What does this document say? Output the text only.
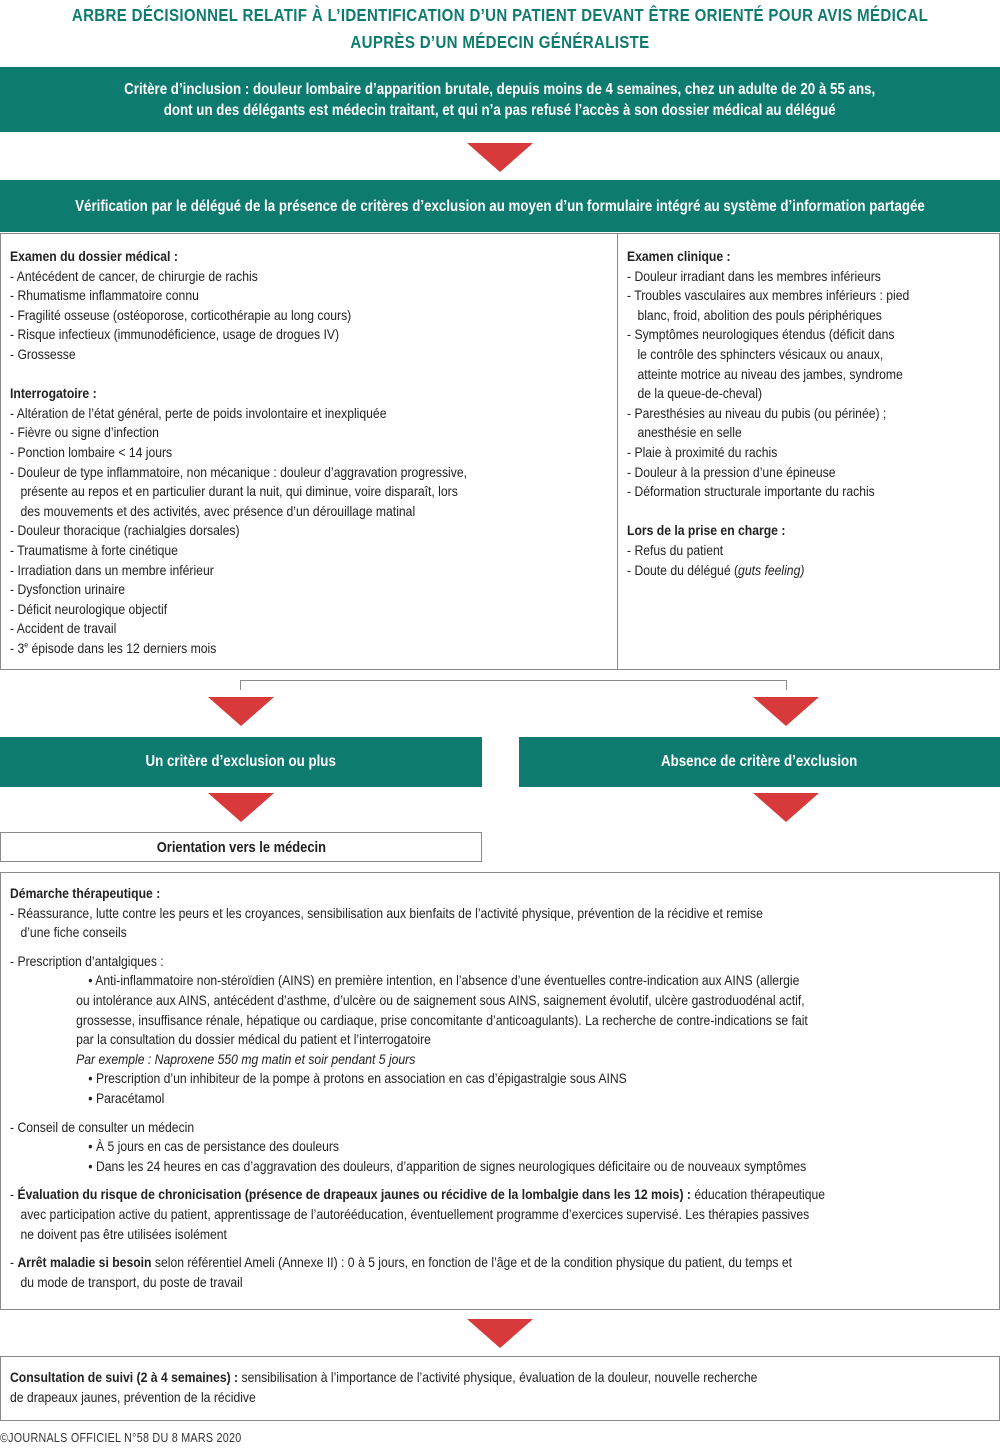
ARBRE DÉCISIONNEL RELATIF À L’IDENTIFICATION D’UN PATIENT DEVANT ÊTRE ORIENTÉ POUR AVIS MÉDICAL
AUPRÈS D’UN MÉDECIN GÉNÉRALISTE
Critère d’inclusion : douleur lombaire d’apparition brutale, depuis moins de 4 semaines, chez un adulte de 20 à 55 ans,
dont un des délégants est médecin traitant, et qui n’a pas refusé l’accès à son dossier médical au délégué
Vérification par le délégué de la présence de critères d’exclusion au moyen d’un formulaire intégré au système d’information partagée
Examen du dossier médical :
- Antécédent de cancer, de chirurgie de rachis
- Rhumatisme inflammatoire connu
- Fragilité osseuse (ostéoporose, corticothérapie au long cours)
- Risque infectieux (immunodéficience, usage de drogues IV)
- Grossesse
Interrogatoire :
- Altération de l’état général, perte de poids involontaire et inexpliquée
- Fièvre ou signe d’infection
- Ponction lombaire < 14 jours
- Douleur de type inflammatoire, non mécanique : douleur d’aggravation progressive,
présente au repos et en particulier durant la nuit, qui diminue, voire disparaît, lors
des mouvements et des activités, avec présence d’un dérouillage matinal
- Douleur thoracique (rachialgies dorsales)
- Traumatisme à forte cinétique
- Irradiation dans un membre inférieur
- Dysfonction urinaire
- Déficit neurologique objectif
- Accident de travail
- 3e épisode dans les 12 derniers mois
Examen clinique :
- Douleur irradiant dans les membres inférieurs
- Troubles vasculaires aux membres inférieurs : pied
blanc, froid, abolition des pouls périphériques
- Symptômes neurologiques étendus (déficit dans
le contrôle des sphincters vésicaux ou anaux,
atteinte motrice au niveau des jambes, syndrome
de la queue-de-cheval)
- Paresthésies au niveau du pubis (ou périnée) ;
anesthésie en selle
- Plaie à proximité du rachis
- Douleur à la pression d’une épineuse
- Déformation structurale importante du rachis
Lors de la prise en charge :
- Refus du patient
- Doute du délégué (guts feeling)
Un critère d’exclusion ou plus	Absence de critère d’exclusion
Orientation vers le médecin
Démarche thérapeutique :
- Réassurance, lutte contre les peurs et les croyances, sensibilisation aux bienfaits de l’activité physique, prévention de la récidive et remise
d’une fiche conseils
- Prescription d’antalgiques :
• Anti-inflammatoire non-stéroïdien (AINS) en première intention, en l’absence d’une éventuelles contre-indication aux AINS (allergie
ou intolérance aux AINS, antécédent d’asthme, d’ulcère ou de saignement sous AINS, saignement évolutif, ulcère gastroduodénal actif,
grossesse, insuffisance rénale, hépatique ou cardiaque, prise concomitante d’anticoagulants). La recherche de contre-indications se fait
par la consultation du dossier médical du patient et l’interrogatoire
Par exemple : Naproxene 550 mg matin et soir pendant 5 jours
• Prescription d’un inhibiteur de la pompe à protons en association en cas d’épigastralgie sous AINS
• Paracétamol
- Conseil de consulter un médecin
• À 5 jours en cas de persistance des douleurs
• Dans les 24 heures en cas d’aggravation des douleurs, d’apparition de signes neurologiques déficitaire ou de nouveaux symptômes
- Évaluation du risque de chronicisation (présence de drapeaux jaunes ou récidive de la lombalgie dans les 12 mois) : éducation thérapeutique
avec participation active du patient, apprentissage de l’autorééducation, éventuellement programme d’exercices supervisé. Les thérapies passives
ne doivent pas être utilisées isolément
- Arrêt maladie si besoin selon référentiel Ameli (Annexe II) : 0 à 5 jours, en fonction de l’âge et de la condition physique du patient, du temps et
du mode de transport, du poste de travail
Consultation de suivi (2 à 4 semaines) : sensibilisation à l’importance de l’activité physique, évaluation de la douleur, nouvelle recherche
de drapeaux jaunes, prévention de la récidive
©JOURNALS OFFICIEL N°58 DU 8 MARS 2020
